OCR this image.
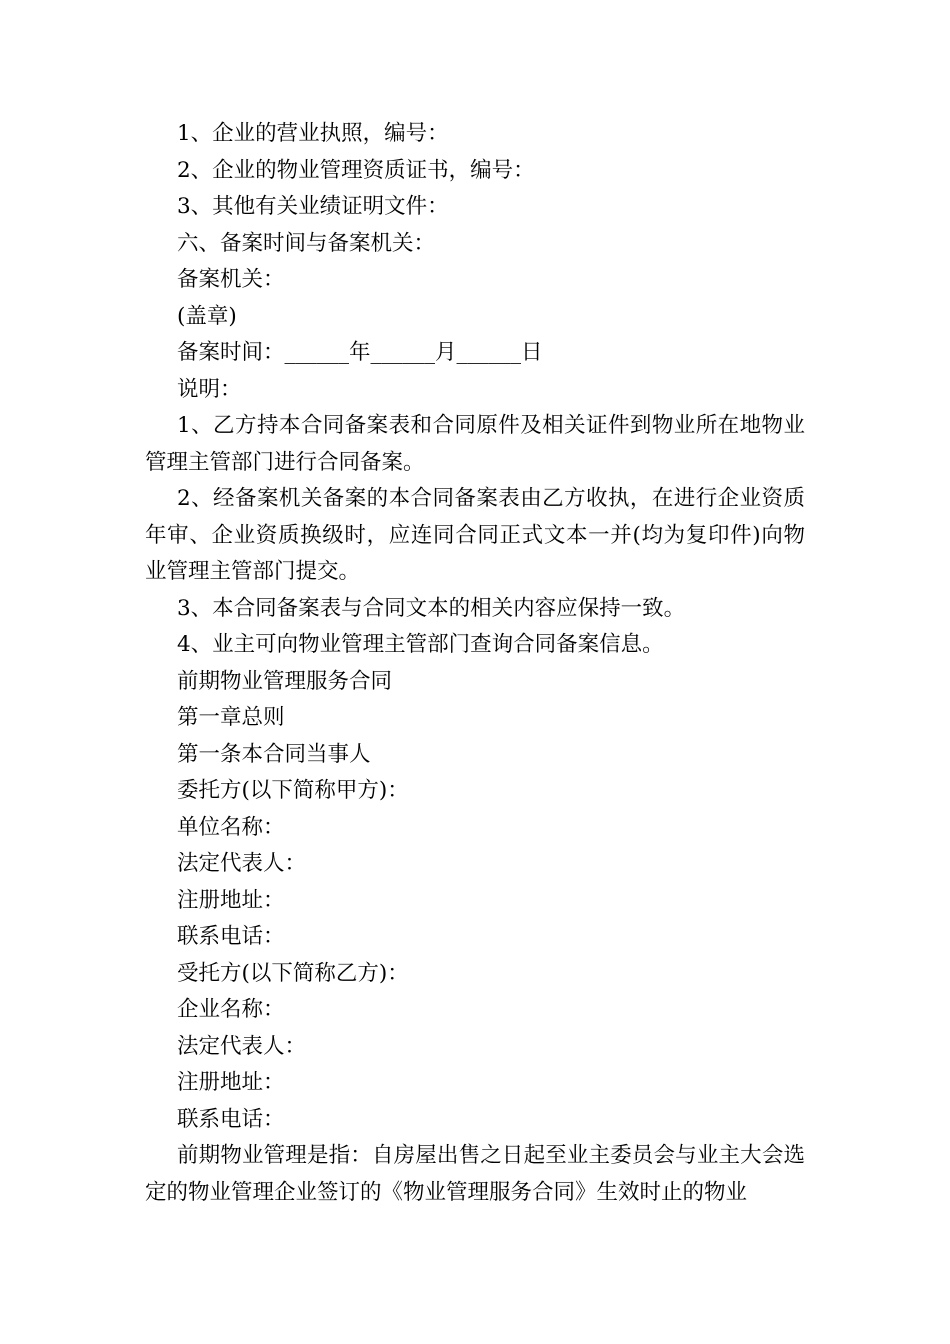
1、企业的营业执照，编号：

2、企业的物业管理资质证书，编号：

3、其他有关业绩证明文件：

六、备案时间与备案机关：

备案机关：

(盖章)

备案时间：______年______月______日

说明：

1、乙方持本合同备案表和合同原件及相关证件到物业所在地物业管理主管部门进行合同备案。

2、经备案机关备案的本合同备案表由乙方收执，在进行企业资质年审、企业资质换级时，应连同合同正式文本一并(均为复印件)向物业管理主管部门提交。

3、本合同备案表与合同文本的相关内容应保持一致。

4、业主可向物业管理主管部门查询合同备案信息。

前期物业管理服务合同

第一章总则

第一条本合同当事人

委托方(以下简称甲方)：

单位名称：

法定代表人：

注册地址：

联系电话：

受托方(以下简称乙方)：

企业名称：

法定代表人：

注册地址：

联系电话：

前期物业管理是指：自房屋出售之日起至业主委员会与业主大会选定的物业管理企业签订的《物业管理服务合同》生效时止的物业
